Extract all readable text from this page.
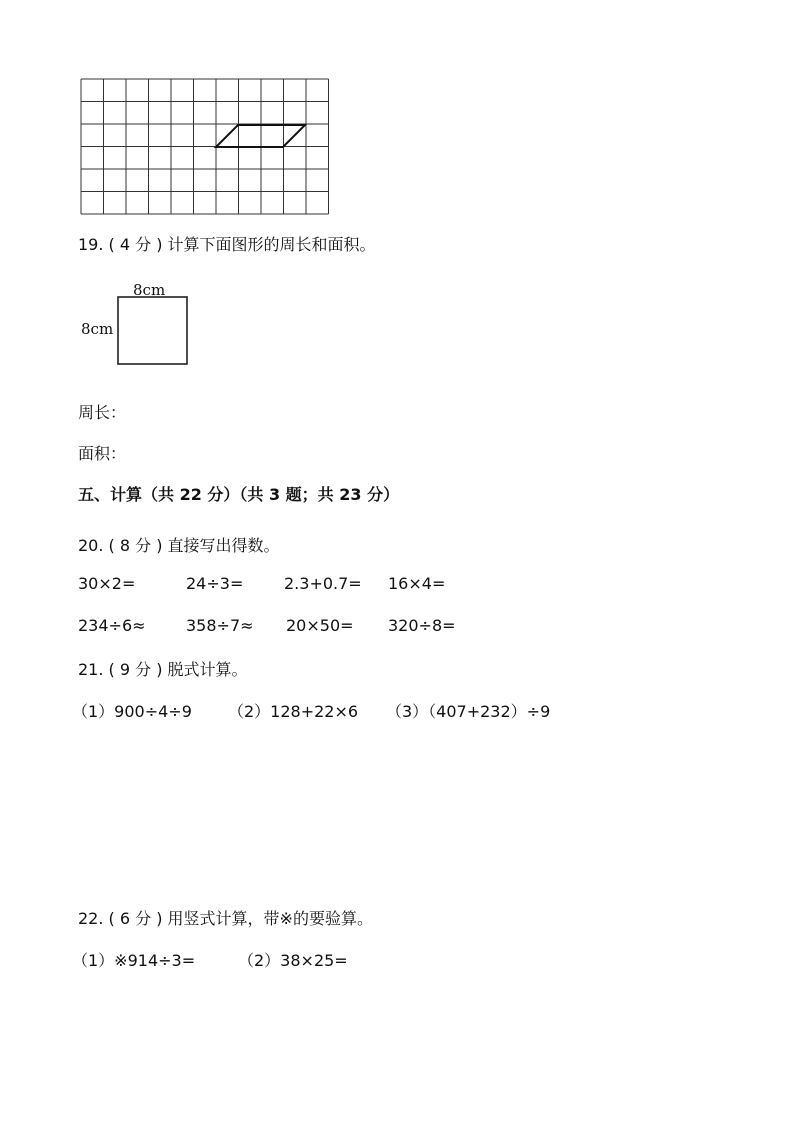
19. ( 4 分 ) 计算下面图形的周长和面积。
8cm
8cm
周长：
面积：
五、计算（共 22 分）（共 3 题；共 23 分）
20. ( 8 分 ) 直接写出得数。
30×2=	24÷3=	2.3+0.7= 16×4=
234÷6≈	358÷7≈ 20×50= 320÷8=
21. ( 9 分 ) 脱式计算。
（1）900÷4÷9 （2）128+22×6 （3）（407+232）÷9
22. ( 6 分 ) 用竖式计算，带※的要验算。
（1）※914÷3=	（2）38×25=
